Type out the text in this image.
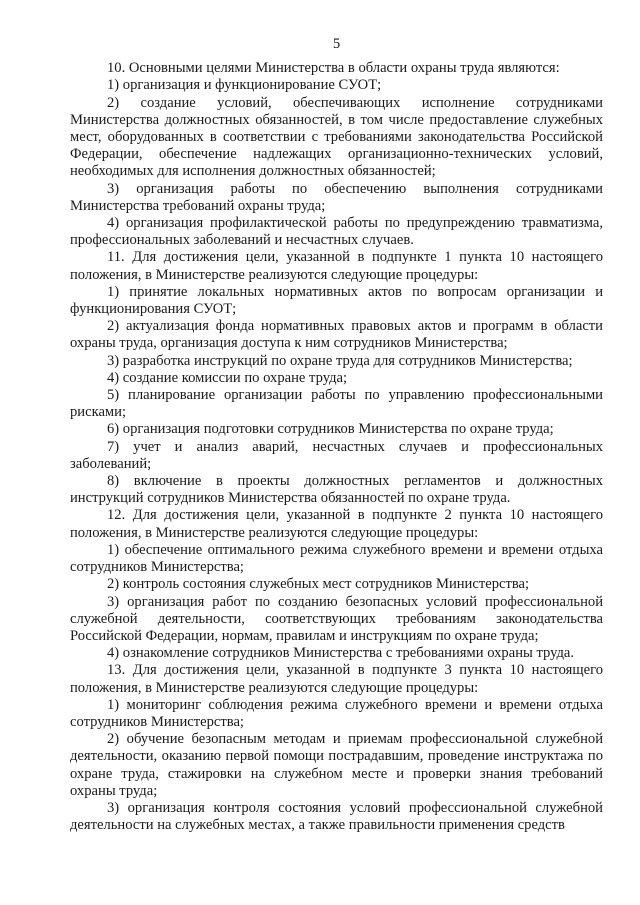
5

10. Основными целями Министерства в области охраны труда являются:

1) организация и функционирование СУОТ;

2) создание условий, обеспечивающих исполнение сотрудниками Министерства должностных обязанностей, в том числе предоставление служебных мест, оборудованных в соответствии с требованиями законодательства Российской Федерации, обеспечение надлежащих организационно-технических условий, необходимых для исполнения должностных обязанностей;

3) организация работы по обеспечению выполнения сотрудниками Министерства требований охраны труда;

4) организация профилактической работы по предупреждению травматизма, профессиональных заболеваний и несчастных случаев.

11. Для достижения цели, указанной в подпункте 1 пункта 10 настоящего положения, в Министерстве реализуются следующие процедуры:

1) принятие локальных нормативных актов по вопросам организации и функционирования СУОТ;

2) актуализация фонда нормативных правовых актов и программ в области охраны труда, организация доступа к ним сотрудников Министерства;

3) разработка инструкций по охране труда для сотрудников Министерства;

4) создание комиссии по охране труда;

5) планирование организации работы по управлению профессиональными рисками;

6) организация подготовки сотрудников Министерства по охране труда;

7) учет и анализ аварий, несчастных случаев и профессиональных заболеваний;

8) включение в проекты должностных регламентов и должностных инструкций сотрудников Министерства обязанностей по охране труда.

12. Для достижения цели, указанной в подпункте 2 пункта 10 настоящего положения, в Министерстве реализуются следующие процедуры:

1) обеспечение оптимального режима служебного времени и времени отдыха сотрудников Министерства;

2) контроль состояния служебных мест сотрудников Министерства;

3) организация работ по созданию безопасных условий профессиональной служебной деятельности, соответствующих требованиям законодательства Российской Федерации, нормам, правилам и инструкциям по охране труда;

4) ознакомление сотрудников Министерства с требованиями охраны труда.

13. Для достижения цели, указанной в подпункте 3 пункта 10 настоящего положения, в Министерстве реализуются следующие процедуры:

1) мониторинг соблюдения режима служебного времени и времени отдыха сотрудников Министерства;

2) обучение безопасным методам и приемам профессиональной служебной деятельности, оказанию первой помощи пострадавшим, проведение инструктажа по охране труда, стажировки на служебном месте и проверки знания требований охраны труда;

3) организация контроля состояния условий профессиональной служебной деятельности на служебных местах, а также правильности применения средств
